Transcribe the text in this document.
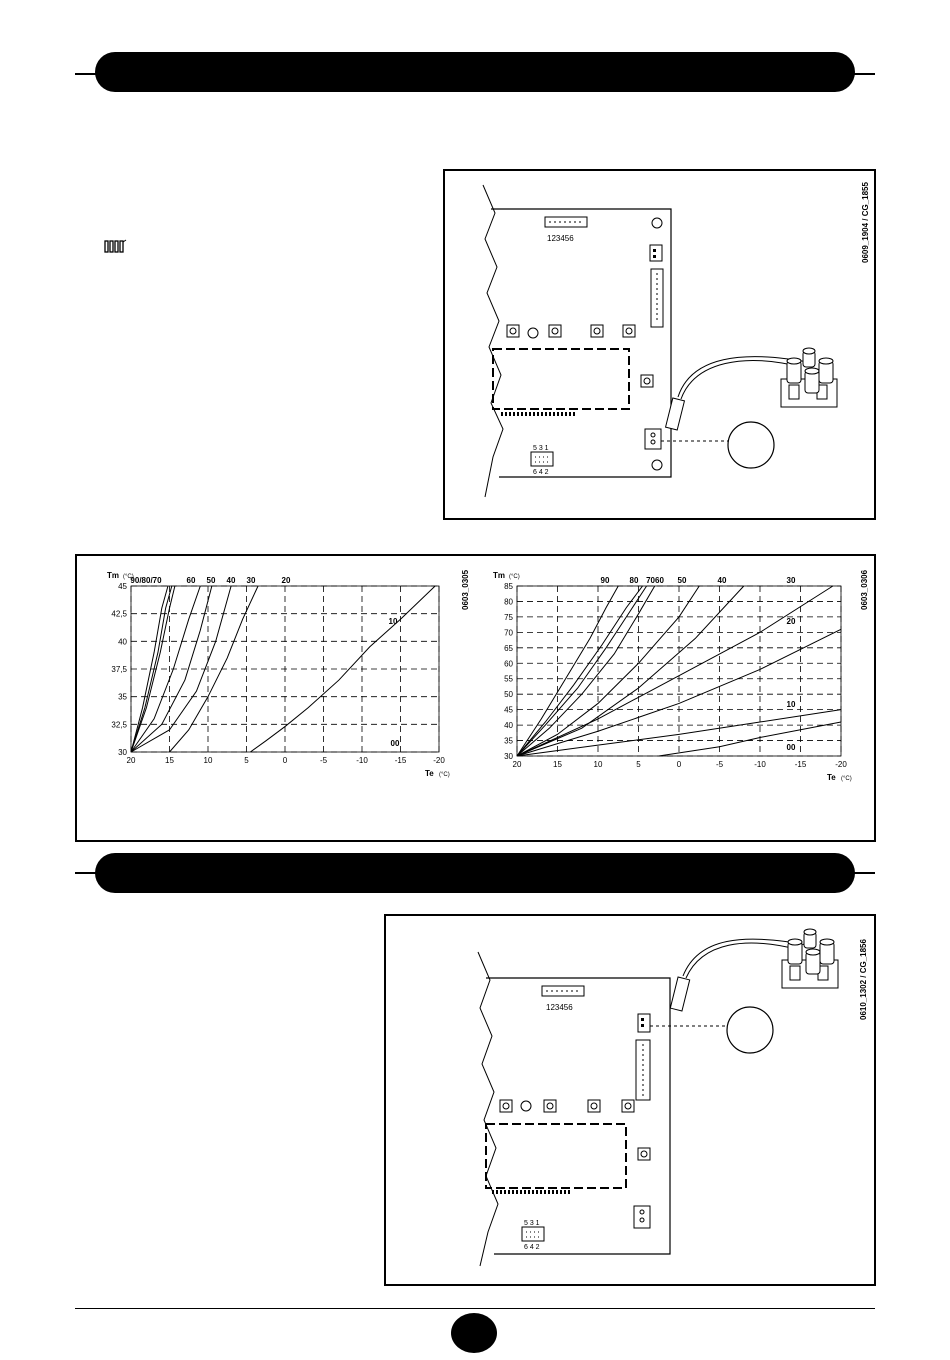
123456
5 3 1
6 4 2
0609_1904 / CG_1855
45
42,5
40
37,5
35
32,5
30
20	15	10	5	0	-5	-10	-15	-20
Tm (°C)
Te (°C)
90/80/70	60 50 40 30	20
10
00
85
80
75
70
65
60
55
50
45
40
35
30
20	15	10	5	0	-5	-10	-15	-20
Tm (°C)
Te (°C)
90	80 7060 50	40	30
20
10
00
0603_0305	0603_0306
123456
5 3 1
6 4 2
0610_1302 / CG_1856
